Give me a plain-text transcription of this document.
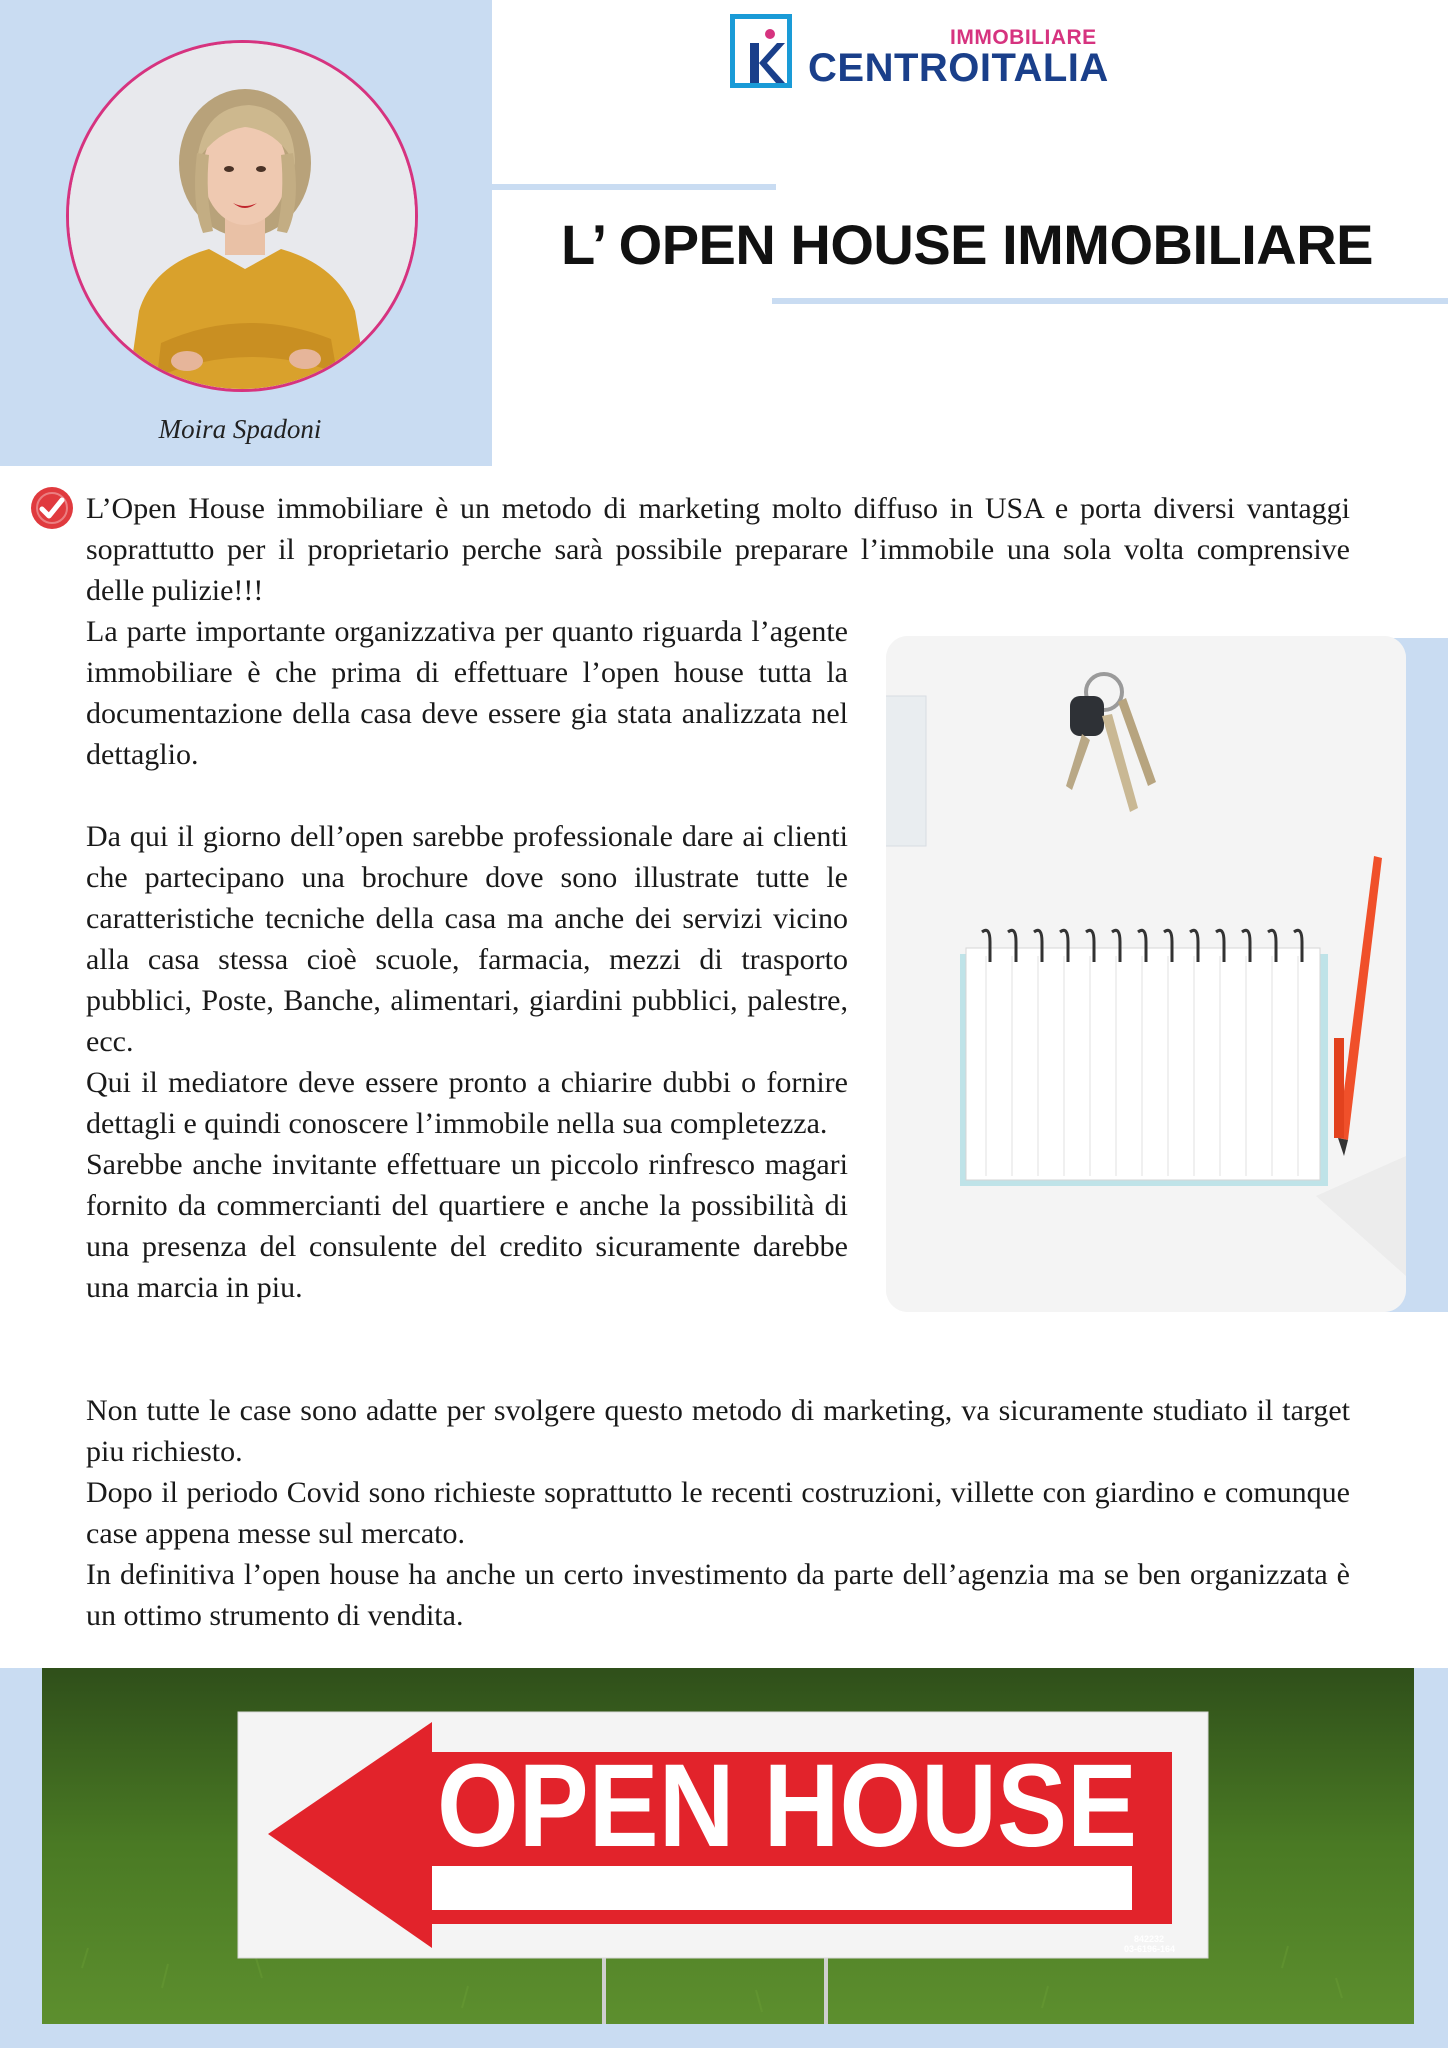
Moira Spadoni
IMMOBILIARE
CENTROITALIA
L’ OPEN HOUSE IMMOBILIARE

L’Open House immobiliare è un metodo di marketing molto diffuso in USA e porta diversi vantaggi soprattutto per il proprietario perche sarà possibile preparare l’immobile una sola volta comprensive delle pulizie!!!

La parte importante organizzativa per quanto riguarda l’agente immobiliare è che prima di effettuare l’open house tutta la documentazione della casa deve essere gia stata analizzata nel dettaglio.
Da qui il giorno dell’open sarebbe professionale dare ai clienti che partecipano una brochure dove sono illustrate tutte le caratteristiche tecniche della casa ma anche dei servizi vicino alla casa stessa cioè scuole, farmacia, mezzi di trasporto pubblici, Poste, Banche, alimentari, giardini pubblici, palestre, ecc.
Qui il mediatore deve essere pronto a chiarire dubbi o fornire dettagli e quindi conoscere l’immobile nella sua completezza.
Sarebbe anche invitante effettuare un piccolo rinfresco magari fornito da commercianti del quartiere e anche la possibilità di una presenza del consulente del credito sicuramente darebbe una marcia in piu.
Non tutte le case sono adatte per svolgere questo metodo di marketing, va sicuramente studiato il target piu richiesto.
Dopo il periodo Covid sono richieste soprattutto le recenti costruzioni, villette con giardino e comunque case appena messe sul mercato.
In definitiva l’open house ha anche un certo investimento da parte dell’agenzia ma se ben organizzata è un ottimo strumento di vendita.
OPEN HOUSE
842232
03-6196-164
